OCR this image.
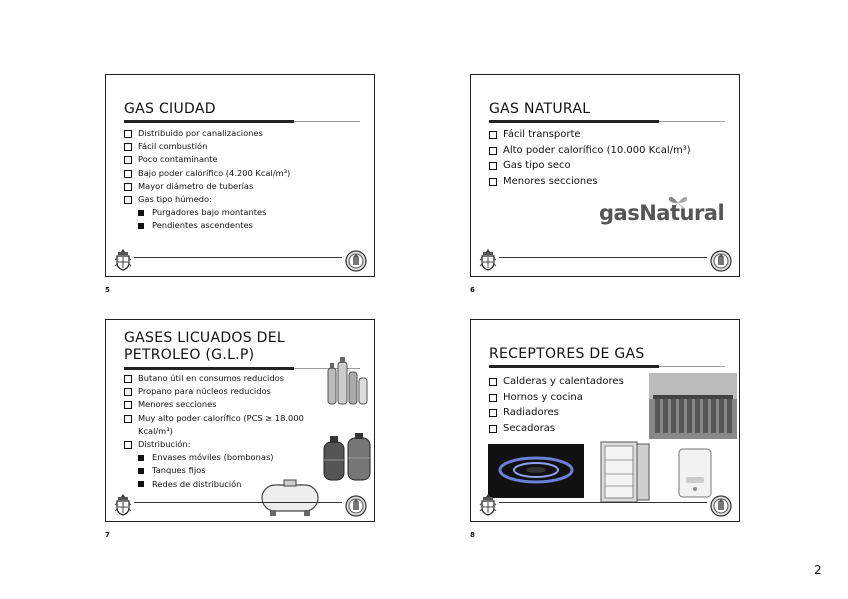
GAS CIUDAD
Distribuido por canalizaciones
Fácil combustión
Poco contaminante
Bajo poder calorífico (4.200 Kcal/m³)
Mayor diámetro de tuberías
Gas tipo húmedo:
Purgadores bajo montantes
Pendientes ascendentes
5
GAS NATURAL
Fácil transporte
Alto poder calorífico (10.000 Kcal/m³)
Gas tipo seco
Menores secciones
gasNatural
6
GASES LICUADOS DEL
PETROLEO (G.L.P)
Butano útil en consumos reducidos
Propano para núcleos reducidos
Menores secciones
Muy alto poder calorífico (PCS ≥ 18.000 Kcal/m³)
Distribución:
Envases móviles (bombonas)
Tanques fijos
Redes de distribución
7
RECEPTORES DE GAS
Calderas y calentadores
Hornos y cocina
Radiadores
Secadoras
8
2
